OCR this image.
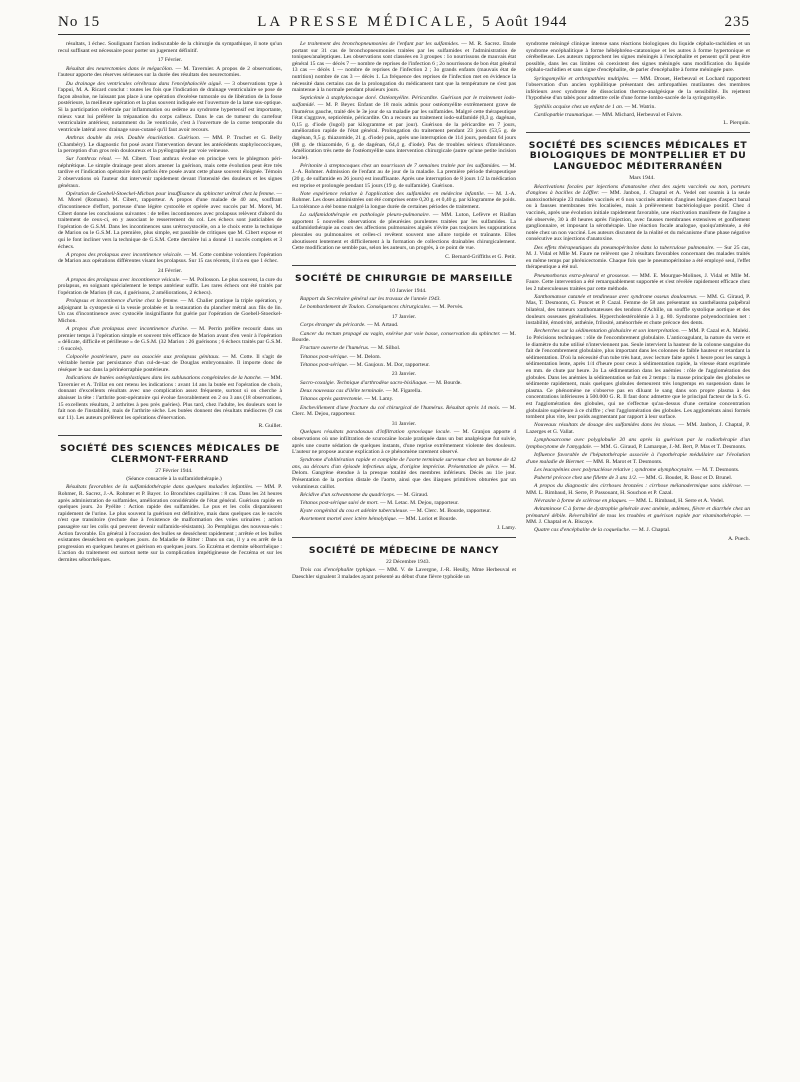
No 15	LA PRESSE MÉDICALE, 5 Août 1944	235

résultats, 1 échec. Soulignant l'action indiscutable de la chirurgie du sympathique, il note qu'un recul suffisant est nécessaire pour porter un jugement définitif.

17 Février.

Résultat des neurectomies dans le mégacôlon. — M. Tavernier. A propos de 2 observations, l'auteur apporte des réserves sérieuses sur la durée des résultats des neurectomies.

Du drainage des ventricules cérébraux dans l'encéphalocèle aiguë. — 3 observations type à l'appui, M. A. Ricard conclut : toutes les fois que l'indication de drainage ventriculaire se pose de façon absolue, ne laissant pas place à une opération d'exérèse tumorale ou de libération de la fosse postérieure, la meilleure opération et la plus souvent indiquée est l'ouverture de la lame sus-optique. Si la participation cérébrale par inflammation ou œdème au syndrome hypertensif est importante, mieux vaut lui préférer la trépanation du corps calleux. Dans le cas de tumeur du carrefour ventriculaire antérieur, notamment du 3e ventricule, c'est à l'ouverture de la corne temporale du ventricule latéral avec drainage sous-cutané qu'il faut avoir recours.

Anthrax double du rein. Double énucléation. Guérison. — MM. P. Truchet et G. Belly (Chambéry). Le diagnostic fut posé avant l'intervention devant les antécédents staphylococciques, la perception d'un gros rein douloureux et la pyélographie par voie veineuse.

Sur l'anthrax rénal. — M. Cibert. Tout anthrax évolue en principe vers le phlegmon péri-néphrétique. Le simple drainage peut alors amener la guérison, mais cette évolution peut être très tardive et l'indication opératoire doit parfois être posée avant cette phase souvent éloignée. Témoin 2 observations où l'auteur dut intervenir rapidement devant l'intensité des douleurs et les signes généraux.

Opération de Goebell-Stoeckel-Michon pour insuffisance du sphincter urétral chez la femme. — M. Morel (Romans). M. Cibert, rapporteur. A propos d'une malade de 40 ans, souffrant d'incontinence d'effort, porteuse d'une légère cystocèle et opérée avec succès par M. Morel, M. Cibert donne les conclusions suivantes : de telles incontinences avec prolapsus relèvent d'abord du traitement de ceux-ci, en y associant le resserrement du col. Les échecs sont justiciables de l'opération de G.S.M. Dans les incontinences sans urétrocystocèle, on a le choix entre la technique de Marion ou le G.S.M. La première, plus simple, est passible de critiques que M. Cibert expose et qui le font incliner vers la technique de G.S.M. Cette dernière lui a donné 11 succès complets et 3 échecs.

A propos des prolapsus avec incontinence vésicale. — M. Cotte combine volontiers l'opération de Marion aux opérations différentes visant les prolapsus. Sur 15 cas récents, il n'a eu que 1 échec.

24 Février.

A propos des prolapsus avec incontinence vésicale. — M. Pollosson. Le plus souvent, la cure du prolapsus, en soignant spécialement le temps antérieur suffit. Les rares échecs ont été traités par l'opération de Marion (8 cas, 4 guérisons, 2 améliorations, 2 échecs).

Prolapsus et incontinence d'urine chez la femme. — M. Chalier pratique la triple opération, y adjoignant la cystopexie si la vessie prolabée et la restauration du plancher métral aux fils de lin. Un cas d'incontinence avec cystocèle insignifiante fut guérie par l'opération de Goebell-Stoeckel-Michon.

A propos d'un prolapsus avec incontinence d'urine. — M. Perrin préfère recourir dans un premier temps à l'opération simple et souvent très efficace de Marion avant d'en venir à l'opération « délicate, difficile et périlleuse » de G.S.M. (32 Marion : 26 guérisons ; 6 échecs traités par G.S.M. : 6 succès).

Colpocèle postérieure, pure ou associée aux prolapsus génitaux. — M. Cotte. Il s'agit de véritable hernie par persistance d'un cul-de-sac de Douglas embryonnaire. Il importe donc de réséquer le sac dans la périnéorraphie postérieure.

Indications de butées ostéoplastiques dans les subluxations congénitales de la hanche. — MM. Tavernier et A. Trillat en ont retenu les indications : avant 14 ans la butée est l'opération de choix, donnant d'excellents résultats avec une complication assez fréquente, surtout si on cherche à abaisser la tête : l'arthrite post-opératoire qui évolue favorablement en 2 ou 3 ans (18 observations, 15 excellents résultats, 2 arthrites à peu près guéries). Plus tard, chez l'adulte, les douleurs sont le fait non de l'instabilité, mais de l'arthrite sèche. Les butées donnent des résultats médiocres (9 cas sur 11). Les auteurs préfèrent les opérations d'énervation.

R. Guillet.

SOCIÉTÉ DES SCIENCES MÉDICALES DE CLERMONT-FERRAND

27 Février 1944.

(Séance consacrée à la sulfamidothérapie.)

Résultats favorables de la sulfamidothérapie dans quelques maladies infantiles. — MM. P. Rohmer, R. Sacrez, J.-A. Rohmer et P. Bayer. 1o Bronchites capillaires : 8 cas. Dans les 24 heures après administration de sulfamides, amélioration considérable de l'état général. Guérison rapide en quelques jours. 2o Pyélite : Action rapide des sulfamides. Le pus et les colis disparaissent rapidement de l'urine. Le plus souvent la guérison est définitive, mais dans quelques cas le succès n'est que transitoire (rechute due à l'existence de malformation des voies urinaires ; action passagère sur les colis qui peuvent devenir sulfamido-résistants). 3o Pemphigus des nouveau-nés : Action favorable. En général à l'occasion des bulles se desséchent rapidement ; arrêtée et les bulles existantes desséchent en quelques jours. 4o Maladie de Ritter : Dans un cas, il y a eu arrêt de la progression en quelques heures et guérison en quelques jours. 5o Eczéma et dermite séborrhéique : L'action du traitement est surtout nette sur la complication impétigineuse de l'eczéma et sur les dermites séborrhéiques.

Le traitement des bronchopneumonies de l'enfant par les sulfamides. — M. R. Sacrez. Etude portant sur 31 cas de bronchopneumonies traitées par les sulfamides et l'administration de toniques/analeptiques. Les observations sont classées en 3 groupes : 1o nourrissons de mauvais état général 15 cas — décès 7 — nombre de reprises de l'infection 6 ; 2o nourrissons de bon état général 13 cas — décès 1 — nombre de reprises de l'infection 2 ; 3o grands enfants (mauvais état de nutrition) nombre de cas 3 — décès 1. La fréquence des reprises de l'infection met en évidence la nécessité dans certains cas de la prolongation du médicament tant que la température ne s'est pas maintenue à la normale pendant plusieurs jours.

Septicémie à staphylocoque doré. Ostéomyélite. Péricardite. Guérison par le traitement iodo-sulfamidé. — M. P. Beyer. Enfant de 18 mois admis pour ostéomyélite extrêmement grave de l'humérus gauche, traité dès le 3e jour de sa maladie par les sulfamides. Malgré cette thérapeutique l'état s'aggrave, septicémie, péricardite. On a recours au traitement iodo-sulfamidé (0,3 g. dagénan, 0,15 g. d'iode (lugol) par kilogramme et par jour). Guérison de la péricardite en 7 jours, amélioration rapide de l'état général. Prolongation du traitement pendant 23 jours (53,5 g. de dagénan, 9,5 g. thiazomide, 21 g. d'iode) puis, après une interruption de 114 jours, pendant 64 jours (88 g. de thiazomide, 6 g. de dagénan, 64,4 g. d'iode). Pas de troubles sérieux d'intolérance. Amélioration très nette de l'ostéomyélite sans intervention chirurgicale (autre qu'une petite incision locale).

Péritonite à streptocoques chez un nourrisson de 7 semaines traitée par les sulfamides. — M. J.-A. Rohmer. Admission de l'enfant au 4e jour de la maladie. La première période thérapeutique (20 g. de sulfamide en 26 jours) est insuffisante. Après une interruption de 8 jours 1/2 la médication est reprise et prolongée pendant 15 jours (19 g. de sulfamide). Guérison.

Note expérience relative à l'application des sulfamides en médecine infantile. — M. J.-A. Rohmer. Les doses administrées ont été comprises entre 0,20 g. et 0,40 g. par kilogramme de poids. La tolérance a été bonne malgré la longue durée de certaines périodes de traitement.

La sulfamidothérapie en pathologie pleuro-pulmonaire. — MM. Luton, Lefèvre et Riallan apportent 5 nouvelles observations de pleurésies purulentes traitées par les sulfamides. La sulfamidothérapie au cours des affections pulmonaires aiguës n'évite pas toujours les suppurations pleurales ou pulmonaires et celles-ci revêtent souvent une allure torpide et traînante. Elles aboutissent lentement et difficilement à la formation de collections drainables chirurgicalement. Cette modification ne semble pas, selon les auteurs, un progrès, à ce point de vue.

C. Bernard-Griffiths et G. Petit.

SOCIÉTÉ DE CHIRURGIE DE MARSEILLE

10 Janvier 1944.

Rapport du Secrétaire général sur les travaux de l'année 1943.

Le bombardement de Toulon. Conséquences chirurgicales. — M. Pervès.

17 Janvier.

Corps étranger du péricarde. — M. Artaud.

Cancer du rectum propagé au vagin, exérèse par voie basse, conservation du sphincter. — M. Bourde.

Fracture ouverte de l'humérus. — M. Silhol.

Tétanos post-sérique. — M. Delom.

Tétanos post-sérique. — M. Gaujoux. M. Dor, rapporteur.

23 Janvier.

Sacro-coxalgie. Technique d'arthrodèse sacro-bisiliaque. — M. Bourde.

Deux nouveaux cas d'iléite terminale. — M. Figarella.

Tétanos après gastrectomie. — M. Lamy.

Enchevillement d'une fracture du col chirurgical de l'humérus. Résultat après 14 mois. — M. Clerc. M. Dejou, rapporteur.

31 Janvier.

Quelques résultats paradoxaux d'infiltration synoviaque locale. — M. Granjon apporte 4 observations où une infiltration de scurocaïne locale pratiquée dans un but analgésique fut suivie, après une courte sédation de quelques instants, d'une reprise extrêmement violente des douleurs. L'auteur ne propose aucune explication à ce phénomène rarement observé.

Syndrome d'oblitération rapide et complète de l'aorte terminale survenue chez un homme de 42 ans, au décours d'un épisode infectieux aigu, d'origine imprécise. Présentation de pièce. — M. Delom. Gangrène étendue à la presque totalité des membres inférieurs. Décès au 11e jour. Présentation de la portion distale de l'aorte, ainsi que des iliaques primitives obturées par un volumineux caillot.

Récidive d'un schwannome du quadriceps. — M. Giraud.

Tétanos post-sérique suivi de mort. — M. Letac. M. Dejou, rapporteur.

Kyste congénital du cou et adénite tuberculeuse. — M. Clerc. M. Bourde, rapporteur.

Avortement mortel avec ictère hémolytique. — MM. Loriot et Bourde.

J. Lamy.

SOCIÉTÉ DE MÉDECINE DE NANCY

22 Décembre 1943.

Trois cas d'encéphalite typhique. — MM. V. de Lavergne, J.-R. Heully, Mme Herbeuval et Daeschler signalent 3 malades ayant présenté au début d'une fièvre typhoïde un

syndrome méningé clinique intense sans réactions biologiques du liquide céphalo-rachidien et un syndrome encéphalitique à forme hébéphréno-catatonique et les autres à forme hypertonique et cérébelleuse. Les auteurs rapprochent les signes méningés à l'encéphalite et pensent qu'il peut être possible, dans les cas limites où coexistent des signes méningés sans modification du liquide céphalo-rachidien et sans signe d'encéphalite, de parler d'encéphalite à forme méningée pure.

Syringomyélie et arthropathies multiples. — MM. Drouet, Herbeuval et Lochard rapportent l'observation d'un ancien syphilitique présentant des arthropathies mutilantes des membres inférieurs avec syndrome de dissociation thermo-analgésique de la sensibilité. Ils rejettent l'hypothèse d'un tabès pour admettre celle d'une forme lombo-sacrée de la syringomyélie.

Syphilis acquise chez un enfant de 1 an. — M. Watrin.

Cardiopathie traumatique. — MM. Michard, Herbeuval et Faivre.

L. Pierquin.

SOCIÉTÉ DES SCIENCES MÉDICALES ET BIOLOGIQUES DE MONTPELLIER ET DU LANGUEDOC MÉDITERRANÉEN

Mars 1944.

Réactivations focales par injections d'anatoxine chez des sujets vaccinés ou non, porteurs d'angines à bacilles de Löffler. — MM. Janbon, J. Chaptal et A. Vedel ont soumis à la seule anatoxinothérapie 23 malades vaccinés et 6 non vaccinés atteints d'angines bénignes d'aspect banal ou à fausses membranes très localisées, mais à prélèvement bactériologique positif. Chez 4 vaccinés, après une évolution initiale rapidement favorable, une réactivation manifeste de l'angine a été observée, 30 à 48 heures après l'injection, avec fausses membranes extensives et gonflement ganglionnaire, et imposant la sérothérapie. Une réaction focale analogue, quoiqu'atténuée, a été notée chez un non vacciné. Les auteurs discutent de la réalité et du mécanisme d'une phase négative consécutive aux injections d'anatoxine.

Des effets thérapeutiques du pneumopéritoine dans la tuberculose pulmonaire. — Sur 25 cas, M. J. Vidal et Mlle M. Faure ne relèvent que 2 résultats favorables concernant des malades traités en même temps par phrénicectomie. Chaque fois que le pneumopéritoine a été employé seul, l'effet thérapeutique a été nul.

Pneumothorax extra-pleural et grossesse. — MM. E. Mourgue-Molines, J. Vidal et Mlle M. Faure. Cette intervention a été remarquablement supportée et s'est révélée rapidement efficace chez les 2 tuberculeuses traitées par cette méthode.

Xanthomatose cutanée et tendineuse avec syndrome osseux douloureux. — MM. G. Giraud, P. Mas, T. Desmonts, G. Poncet et P. Cazal. Femme de 58 ans présentant un xanthélasma palpébral bilatéral, des tumeurs xanthomateuses des tendons d'Achille, un souffle systolique aortique et des douleurs osseuses généralisées. Hypercholestérolémie à 3 g. 80. Syndrome polyendocrinien net : instabilité, émotivité, asthénie, frilosité, aménorrhée et chute précoce des dents.

Recherches sur la sédimentation globulaire et son interprétation. — MM. P. Cazal et A. Maleki. 1o Précisions techniques : rôle de l'encombrement globulaire. L'anticoagulant, la nature du verre et le diamètre du tube utilisé n'interviennent pas. Seule intervient la hauteur de la colonne sanguine du fait de l'encombrement globulaire, plus important dans les colonnes de faible hauteur et retardant la sédimentation. D'où la nécessité d'un tube très haut, avec lecture faite après 1 heure pour les sangs à sédimentation lente, après 1/4 d'heure pour ceux à sédimentation rapide, la vitesse étant exprimée en mm. de chute par heure. 2o La sédimentation dans les anémies : rôle de l'agglomération des globules. Dans les anémies la sédimentation se fait en 2 temps : la masse principale des globules se sédimente rapidement, mais quelques globules demeurent très longtemps en suspension dans le plasma. Ce phénomène ne s'observe pas en diluant le sang dans son propre plasma à des concentrations inférieures à 500.000 G. R. Il faut donc admettre que le principal facteur de la S. G. est l'agglomération des globules, qui ne s'effectue qu'au-dessus d'une certaine concentration globulaire supérieure à ce chiffre ; c'est l'agglomération des globules. Les agglomérats ainsi formés tombent plus vite, leur poids augmentant par rapport à leur surface.

Nouveaux résultats de dosage des sulfamides dans les tissus. — MM. Janbon, J. Chaptal, P. Lazerges et G. Vallat.

Lymphosarcome avec polyglobulie 20 ans après la guérison par la radiothérapie d'un lymphocytome de l'amygdale. — MM. G. Giraud, P. Lamarque, J.-M. Bert, P. Mas et T. Desmonts.

Influence favorable de l'hépatothérapie associée à l'opothérapie médullaire sur l'évolution d'une maladie de Biermer. — MM. R. Marot et T. Desmonts.

Les leucopénies avec polynucléose relative ; syndrome alymphocytaire. — M. T. Desmonts.

Puberté précoce chez une fillette de 3 ans 1/2. — MM. G. Boudet, R. Bosc et D. Brunel.

A propos du diagnostic des cirrhoses bronzées : cirrhose mélanodermique sans sidérose. — MM. L. Rimbaud, H. Serre, P. Passouant, H. Souchon et P. Cazal.

Névraxite à forme de sclérose en plaques. — MM. L. Rimbaud, H. Serre et A. Vedel.

Avitaminose C à forme de dystrophie générale avec anémie, œdèmes, fièvre et diarrhée chez un prématuré débile. Réversibilité de tous les troubles et guérison rapide par vitaminothérapie. — MM. J. Chaptal et A. Biscaye.

Quatre cas d'encéphalite de la coqueluche. — M. J. Chaptal.

A. Puech.
